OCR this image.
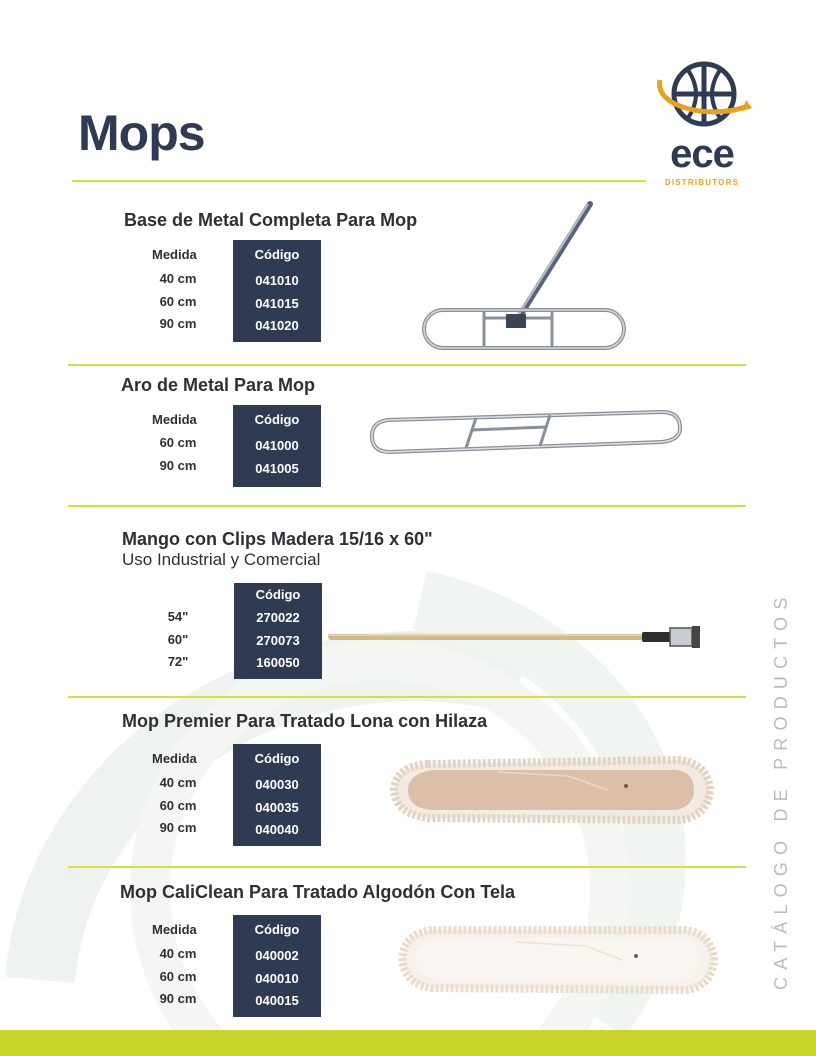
Mops	ece
DISTRIBUTORS
Base de Metal Completa Para Mop
Medida
40 cm
60 cm
90 cm
Código
041010
041015
041020
Aro de Metal Para Mop
Medida
60 cm
90 cm
Código
041000
041005
Mango con Clips Madera 15/16 x 60"
Uso Industrial y Comercial
54"
60"
72"
Código
270022
270073
160050
Mop Premier Para Tratado Lona con Hilaza
Medida
40 cm
60 cm
90 cm
Código
040030
040035
040040
Mop CaliClean Para Tratado Algodón Con Tela
Medida
40 cm
60 cm
90 cm
Código
040002
040010
040015
CATÁLOGO DE PRODUCTOS
